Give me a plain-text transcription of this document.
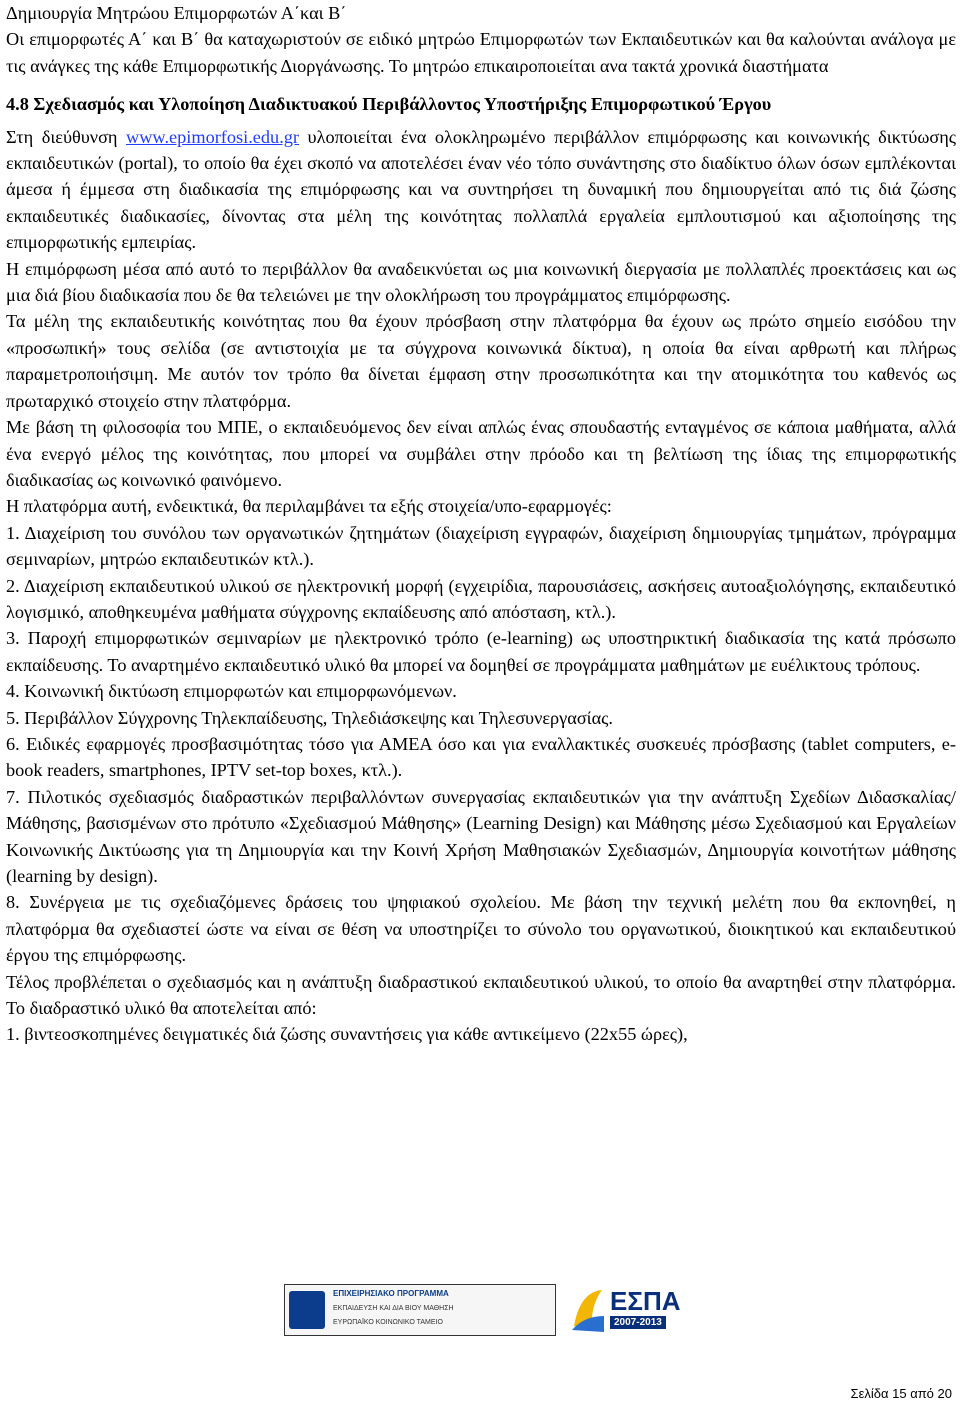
Δημιουργία Μητρώου Επιμορφωτών Α΄και Β΄

Οι επιμορφωτές Α΄ και Β΄ θα καταχωριστούν σε ειδικό μητρώο Επιμορφωτών των Εκπαιδευτικών και θα καλούνται ανάλογα με τις ανάγκες της κάθε Επιμορφωτικής Διοργάνωσης. Το μητρώο επικαιροποιείται ανα τακτά χρονικά διαστήματα

4.8 Σχεδιασμός και Υλοποίηση Διαδικτυακού Περιβάλλοντος Υποστήριξης Επιμορφωτικού Έργου

Στη διεύθυνση www.epimorfosi.edu.gr υλοποιείται ένα ολοκληρωμένο περιβάλλον επιμόρφωσης και κοινωνικής δικτύωσης εκπαιδευτικών (portal), το οποίο θα έχει σκοπό να αποτελέσει έναν νέο τόπο συνάντησης στο διαδίκτυο όλων όσων εμπλέκονται άμεσα ή έμμεσα στη διαδικασία της επιμόρφωσης και να συντηρήσει τη δυναμική που δημιουργείται από τις διά ζώσης εκπαιδευτικές διαδικασίες, δίνοντας στα μέλη της κοινότητας πολλαπλά εργαλεία εμπλουτισμού και αξιοποίησης της επιμορφωτικής εμπειρίας.

Η επιμόρφωση μέσα από αυτό το περιβάλλον θα αναδεικνύεται ως μια κοινωνική διεργασία με πολλαπλές προεκτάσεις και ως μια διά βίου διαδικασία που δε θα τελειώνει με την ολοκλήρωση του προγράμματος επιμόρφωσης.

Τα μέλη της εκπαιδευτικής κοινότητας που θα έχουν πρόσβαση στην πλατφόρμα θα έχουν ως πρώτο σημείο εισόδου την «προσωπική» τους σελίδα (σε αντιστοιχία με τα σύγχρονα κοινωνικά δίκτυα), η οποία θα είναι αρθρωτή και πλήρως παραμετροποιήσιμη. Με αυτόν τον τρόπο θα δίνεται έμφαση στην προσωπικότητα και την ατομικότητα του καθενός ως πρωταρχικό στοιχείο στην πλατφόρμα.

Με βάση τη φιλοσοφία του ΜΠΕ, ο εκπαιδευόμενος δεν είναι απλώς ένας σπουδαστής ενταγμένος σε κάποια μαθήματα, αλλά ένα ενεργό μέλος της κοινότητας, που μπορεί να συμβάλει στην πρόοδο και τη βελτίωση της ίδιας της επιμορφωτικής διαδικασίας ως κοινωνικό φαινόμενο.

Η πλατφόρμα αυτή, ενδεικτικά, θα περιλαμβάνει τα εξής στοιχεία/υπο-εφαρμογές:

1. Διαχείριση του συνόλου των οργανωτικών ζητημάτων (διαχείριση εγγραφών, διαχείριση δημιουργίας τμημάτων, πρόγραμμα σεμιναρίων, μητρώο εκπαιδευτικών κτλ.).

2. Διαχείριση εκπαιδευτικού υλικού σε ηλεκτρονική μορφή (εγχειρίδια, παρουσιάσεις, ασκήσεις αυτοαξιολόγησης, εκπαιδευτικό λογισμικό, αποθηκευμένα μαθήματα σύγχρονης εκπαίδευσης από απόσταση, κτλ.).

3. Παροχή επιμορφωτικών σεμιναρίων με ηλεκτρονικό τρόπο (e-learning) ως υποστηρικτική διαδικασία της κατά πρόσωπο εκπαίδευσης. Το αναρτημένο εκπαιδευτικό υλικό θα μπορεί να δομηθεί σε προγράμματα μαθημάτων με ευέλικτους τρόπους.

4. Κοινωνική δικτύωση επιμορφωτών και επιμορφωνόμενων.

5. Περιβάλλον Σύγχρονης Τηλεκπαίδευσης, Τηλεδιάσκεψης και Τηλεσυνεργασίας.

6. Ειδικές εφαρμογές προσβασιμότητας τόσο για ΑΜΕΑ όσο και για εναλλακτικές συσκευές πρόσβασης (tablet computers, e-book readers, smartphones, IPTV set-top boxes, κτλ.).

7. Πιλοτικός σχεδιασμός διαδραστικών περιβαλλόντων συνεργασίας εκπαιδευτικών για την ανάπτυξη Σχεδίων Διδασκαλίας/Μάθησης, βασισμένων στο πρότυπο «Σχεδιασμού Μάθησης» (Learning Design) και Μάθησης μέσω Σχεδιασμού και Εργαλείων Κοινωνικής Δικτύωσης για τη Δημιουργία και την Κοινή Χρήση Μαθησιακών Σχεδιασμών, Δημιουργία κοινοτήτων μάθησης (learning by design).

8. Συνέργεια με τις σχεδιαζόμενες δράσεις του ψηφιακού σχολείου. Με βάση την τεχνική μελέτη που θα εκπονηθεί, η πλατφόρμα θα σχεδιαστεί ώστε να είναι σε θέση να υποστηρίζει το σύνολο του οργανωτικού, διοικητικού και εκπαιδευτικού έργου της επιμόρφωσης.

Τέλος προβλέπεται ο σχεδιασμός και η ανάπτυξη διαδραστικού εκπαιδευτικού υλικού, το οποίο θα αναρτηθεί στην πλατφόρμα. Το διαδραστικό υλικό θα αποτελείται από:

1. βιντεοσκοπημένες δειγματικές διά ζώσης συναντήσεις για κάθε αντικείμενο (22x55 ώρες),

ΕΠΙΧΕΙΡΗΣΙΑΚΟ ΠΡΟΓΡΑΜΜΑ
ΕΚΠΑΙΔΕΥΣΗ ΚΑΙ ΔΙΑ ΒΙΟΥ ΜΑΘΗΣΗ
ΕΥΡΩΠΑΪΚΟ ΚΟΙΝΩΝΙΚΟ ΤΑΜΕΙΟ
ΕΣΠΑ
2007-2013
Σελίδα 15 από 20
